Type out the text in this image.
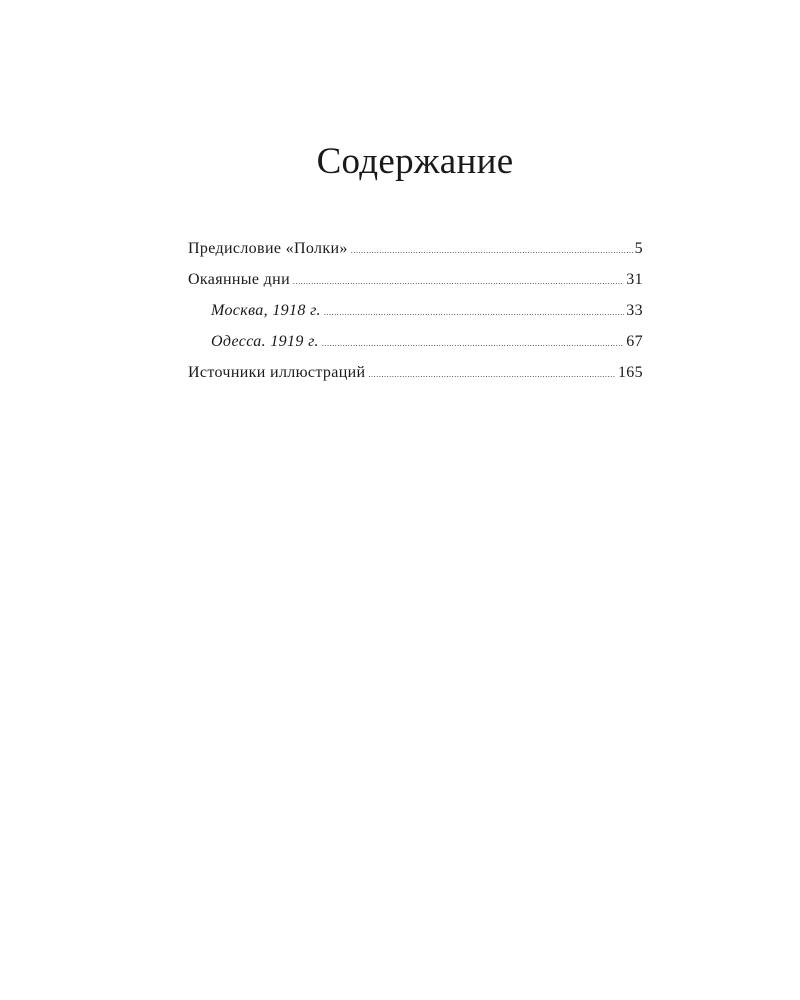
Содержание
Предисловие «Полки» .....	5
Окаянные дни .....	31
Москва, 1918 г. .....	33
Одесса. 1919 г. .....	67
Источники иллюстраций .....	165
